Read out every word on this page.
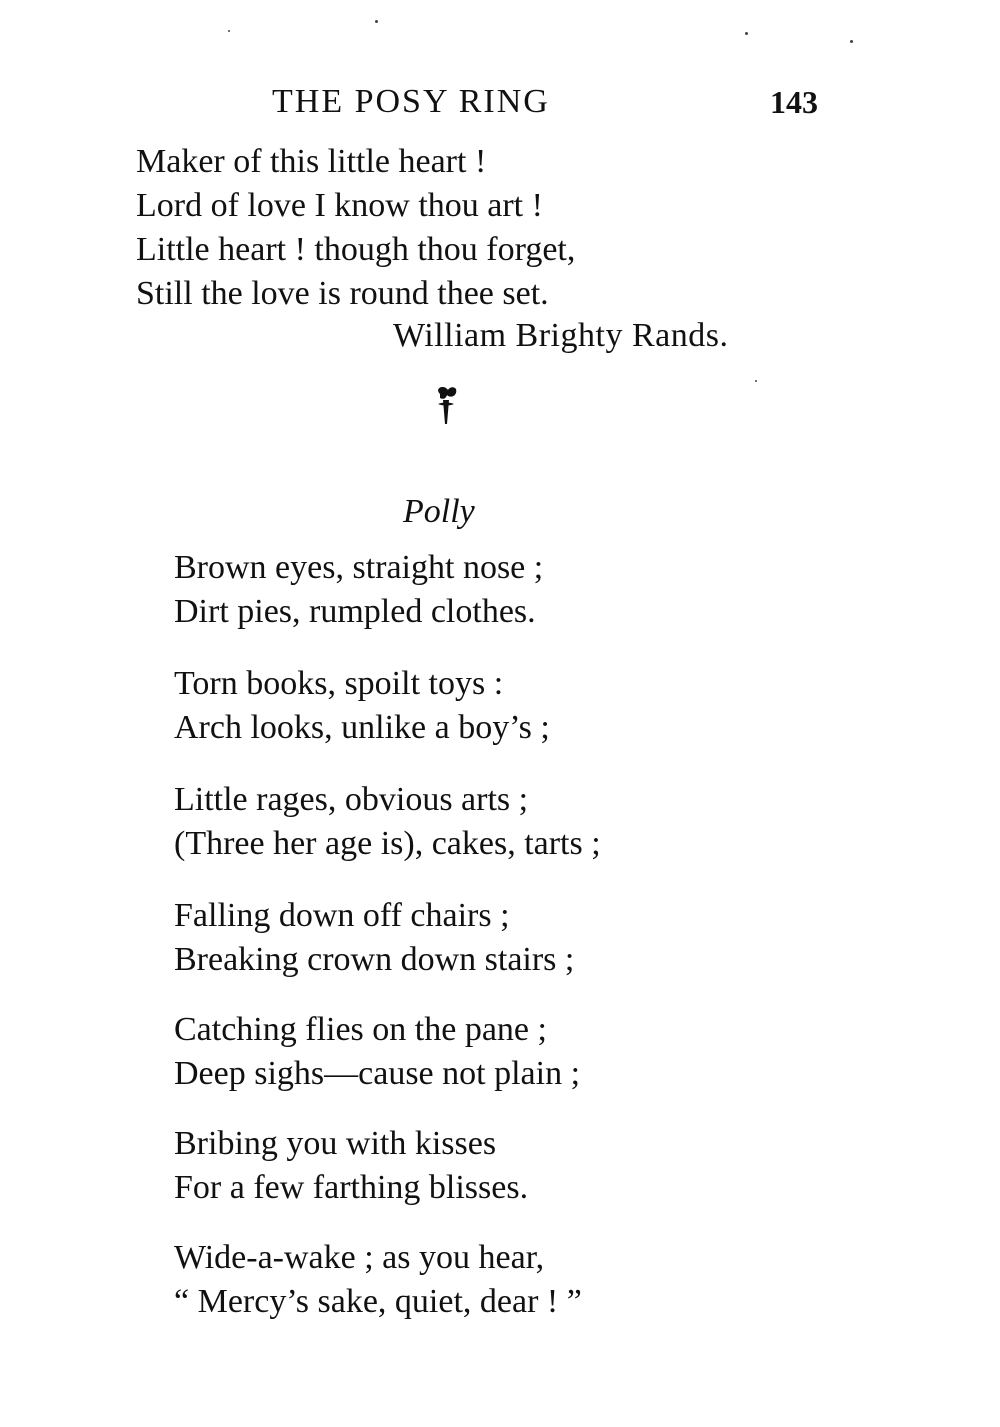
THE POSY RING	143
Maker of this little heart !
Lord of love I know thou art !
Little heart ! though thou forget,
Still the love is round thee set.
William Brighty Rands.
Polly
Brown eyes, straight nose ;
Dirt pies, rumpled clothes.
Torn books, spoilt toys :
Arch looks, unlike a boy’s ;
Little rages, obvious arts ;
(Three her age is), cakes, tarts ;
Falling down off chairs ;
Breaking crown down stairs ;
Catching flies on the pane ;
Deep sighs—cause not plain ;
Bribing you with kisses
For a few farthing blisses.
Wide-a-wake ; as you hear,
“ Mercy’s sake, quiet, dear ! ”
